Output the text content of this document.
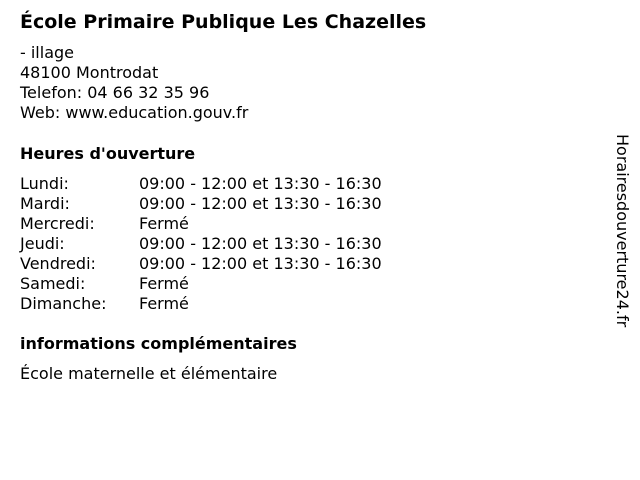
École Primaire Publique Les Chazelles
- illage
48100 Montrodat
Telefon: 04 66 32 35 96
Web: www.education.gouv.fr
Heures d'ouverture
Lundi:	09:00 - 12:00 et 13:30 - 16:30
Mardi:	09:00 - 12:00 et 13:30 - 16:30
Mercredi:	Fermé
Jeudi:	09:00 - 12:00 et 13:30 - 16:30
Vendredi:	09:00 - 12:00 et 13:30 - 16:30
Samedi:	Fermé
Dimanche: Fermé
informations complémentaires
École maternelle et élémentaire
Horairesdouverture24.fr
